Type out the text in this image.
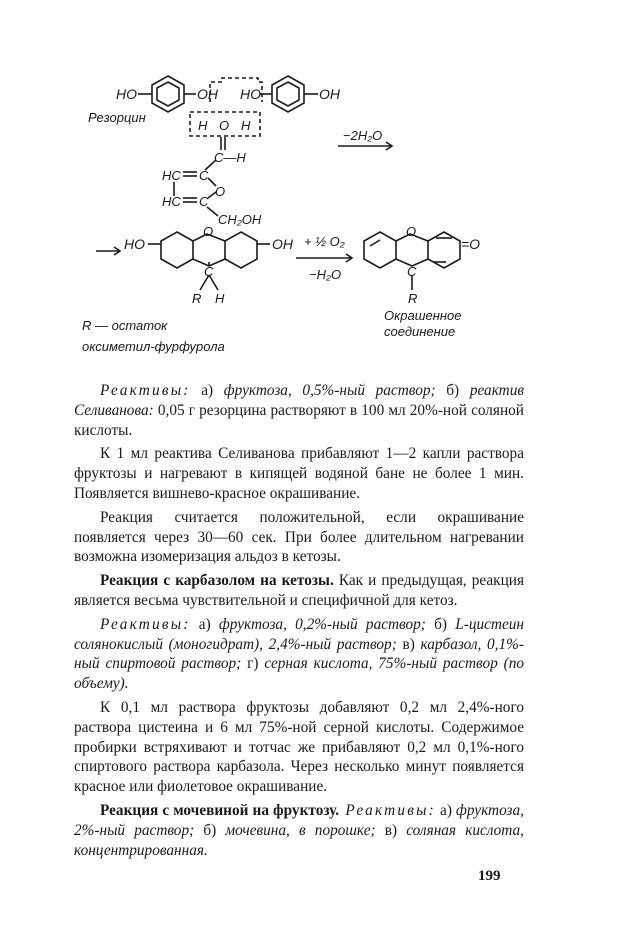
HO	OH
Резорцин
HO	OH
H O H
C—H
HC C
O
HC C
CH₂OH
−2H₂O
HO
O
OH
C
R H
+ ½ O₂
−H₂O
O
=O
C
R
R — остаток
оксиметил-фурфурола
Окрашенное
соединение

Реактивы: а) фруктоза, 0,5%-ный раствор; б) реактив Селиванова: 0,05 г резорцина растворяют в 100 мл 20%-ной соляной кислоты.

К 1 мл реактива Селиванова прибавляют 1—2 капли раствора фруктозы и нагревают в кипящей водяной бане не более 1 мин. Появляется вишнево-красное окрашивание.

Реакция считается положительной, если окрашивание появляется через 30—60 сек. При более длительном нагревании возможна изомеризация альдоз в кетозы.

Реакция с карбазолом на кетозы. Как и предыдущая, реакция является весьма чувствительной и специфичной для кетоз.

Реактивы: а) фруктоза, 0,2%-ный раствор; б) L-цистеин солянокислый (моногидрат), 2,4%-ный раствор; в) карбазол, 0,1%-ный спиртовой раствор; г) серная кислота, 75%-ный раствор (по объему).

К 0,1 мл раствора фруктозы добавляют 0,2 мл 2,4%-ного раствора цистеина и 6 мл 75%-ной серной кислоты. Содержимое пробирки встряхивают и тотчас же прибавляют 0,2 мл 0,1%-ного спиртового раствора карбазола. Через несколько минут появляется красное или фиолетовое окрашивание.

Реакция с мочевиной на фруктозу. Реактивы: а) фруктоза, 2%-ный раствор; б) мочевина, в порошке; в) соляная кислота, концентрированная.

199
